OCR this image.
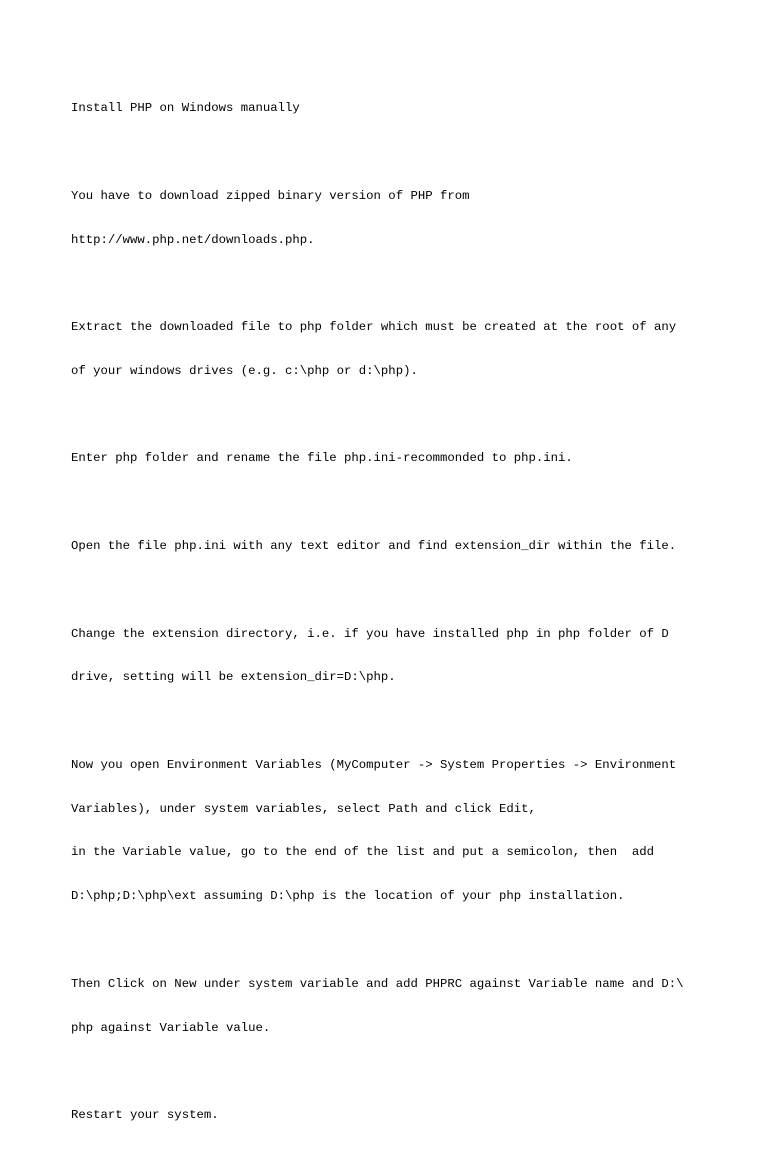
Install PHP on Windows manually

You have to download zipped binary version of PHP from

http://www.php.net/downloads.php.

Extract the downloaded file to php folder which must be created at the root of any

of your windows drives (e.g. c:\php or d:\php).

Enter php folder and rename the file php.ini-recommonded to php.ini.

Open the file php.ini with any text editor and find extension_dir within the file.

Change the extension directory, i.e. if you have installed php in php folder of D

drive, setting will be extension_dir=D:\php.

Now you open Environment Variables (MyComputer -> System Properties -> Environment

Variables), under system variables, select Path and click Edit,

in the Variable value, go to the end of the list and put a semicolon, then  add

D:\php;D:\php\ext assuming D:\php is the location of your php installation.

Then Click on New under system variable and add PHPRC against Variable name and D:\

php against Variable value.

Restart your system.
